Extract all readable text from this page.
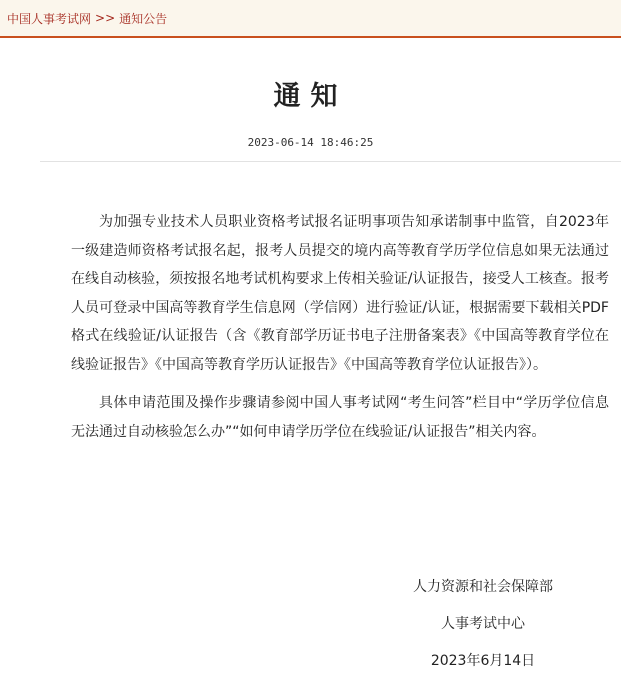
中国人事考试网 >> 通知公告
通知
2023-06-14 18:46:25

为加强专业技术人员职业资格考试报名证明事项告知承诺制事中监管，自2023年一级建造师资格考试报名起，报考人员提交的境内高等教育学历学位信息如果无法通过在线自动核验，须按报名地考试机构要求上传相关验证/认证报告，接受人工核查。报考人员可登录中国高等教育学生信息网（学信网）进行验证/认证，根据需要下载相关PDF格式在线验证/认证报告（含《教育部学历证书电子注册备案表》《中国高等教育学位在线验证报告》《中国高等教育学历认证报告》《中国高等教育学位认证报告》）。

具体申请范围及操作步骤请参阅中国人事考试网“考生问答”栏目中“学历学位信息无法通过自动核验怎么办”“如何申请学历学位在线验证/认证报告”相关内容。

人力资源和社会保障部
人事考试中心
2023年6月14日
